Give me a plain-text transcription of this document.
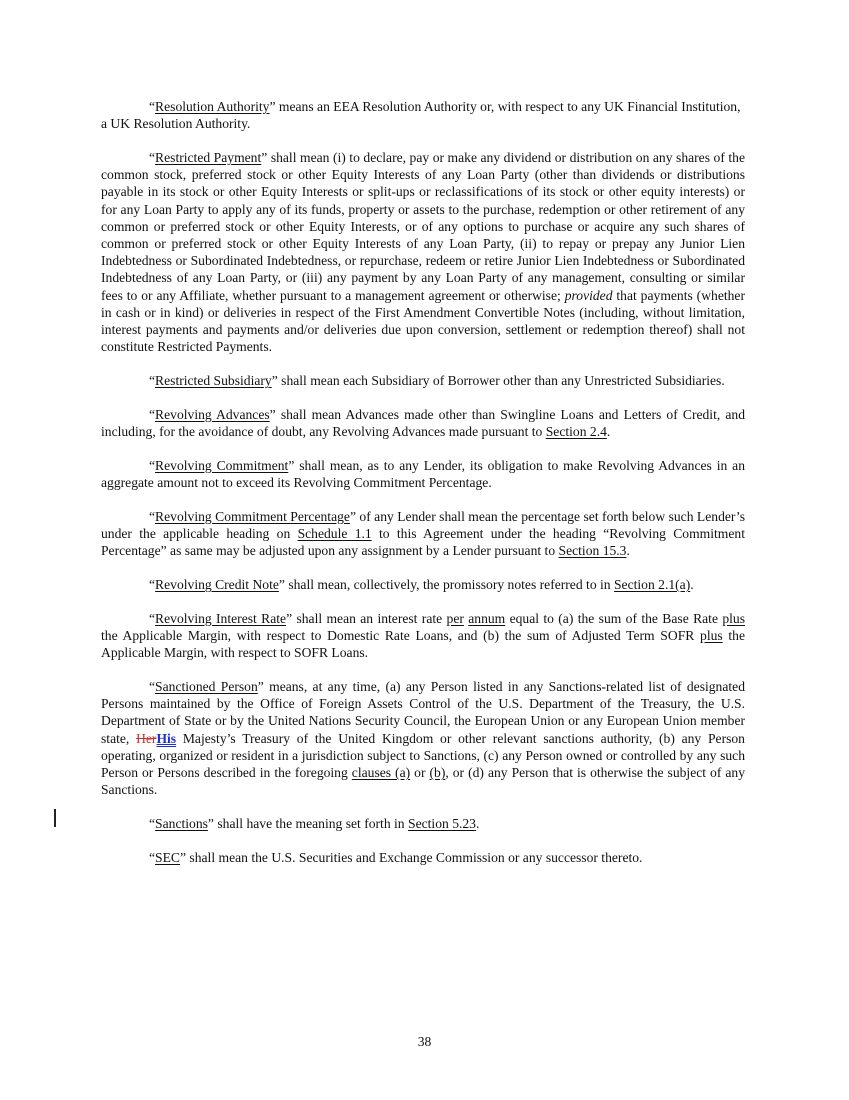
“Resolution Authority” means an EEA Resolution Authority or, with respect to any UK Financial Institution, a UK Resolution Authority.

“Restricted Payment” shall mean (i) to declare, pay or make any dividend or distribution on any shares of the common stock, preferred stock or other Equity Interests of any Loan Party (other than dividends or distributions payable in its stock or other Equity Interests or split-ups or reclassifications of its stock or other equity interests) or for any Loan Party to apply any of its funds, property or assets to the purchase, redemption or other retirement of any common or preferred stock or other Equity Interests, or of any options to purchase or acquire any such shares of common or preferred stock or other Equity Interests of any Loan Party, (ii) to repay or prepay any Junior Lien Indebtedness or Subordinated Indebtedness, or repurchase, redeem or retire Junior Lien Indebtedness or Subordinated Indebtedness of any Loan Party, or (iii) any payment by any Loan Party of any management, consulting or similar fees to or any Affiliate, whether pursuant to a management agreement or otherwise; provided that payments (whether in cash or in kind) or deliveries in respect of the First Amendment Convertible Notes (including, without limitation, interest payments and payments and/or deliveries due upon conversion, settlement or redemption thereof) shall not constitute Restricted Payments.

“Restricted Subsidiary” shall mean each Subsidiary of Borrower other than any Unrestricted Subsidiaries.

“Revolving Advances” shall mean Advances made other than Swingline Loans and Letters of Credit, and including, for the avoidance of doubt, any Revolving Advances made pursuant to Section 2.4.

“Revolving Commitment” shall mean, as to any Lender, its obligation to make Revolving Advances in an aggregate amount not to exceed its Revolving Commitment Percentage.

“Revolving Commitment Percentage” of any Lender shall mean the percentage set forth below such Lender’s under the applicable heading on Schedule 1.1 to this Agreement under the heading “Revolving Commitment Percentage” as same may be adjusted upon any assignment by a Lender pursuant to Section 15.3.

“Revolving Credit Note” shall mean, collectively, the promissory notes referred to in Section 2.1(a).

“Revolving Interest Rate” shall mean an interest rate per annum equal to (a) the sum of the Base Rate plus the Applicable Margin, with respect to Domestic Rate Loans, and (b) the sum of Adjusted Term SOFR plus the Applicable Margin, with respect to SOFR Loans.

“Sanctioned Person” means, at any time, (a) any Person listed in any Sanctions-related list of designated Persons maintained by the Office of Foreign Assets Control of the U.S. Department of the Treasury, the U.S. Department of State or by the United Nations Security Council, the European Union or any European Union member state, HerHis Majesty’s Treasury of the United Kingdom or other relevant sanctions authority, (b) any Person operating, organized or resident in a jurisdiction subject to Sanctions, (c) any Person owned or controlled by any such Person or Persons described in the foregoing clauses (a) or (b), or (d) any Person that is otherwise the subject of any Sanctions.

“Sanctions” shall have the meaning set forth in Section 5.23.

“SEC” shall mean the U.S. Securities and Exchange Commission or any successor thereto.

38
